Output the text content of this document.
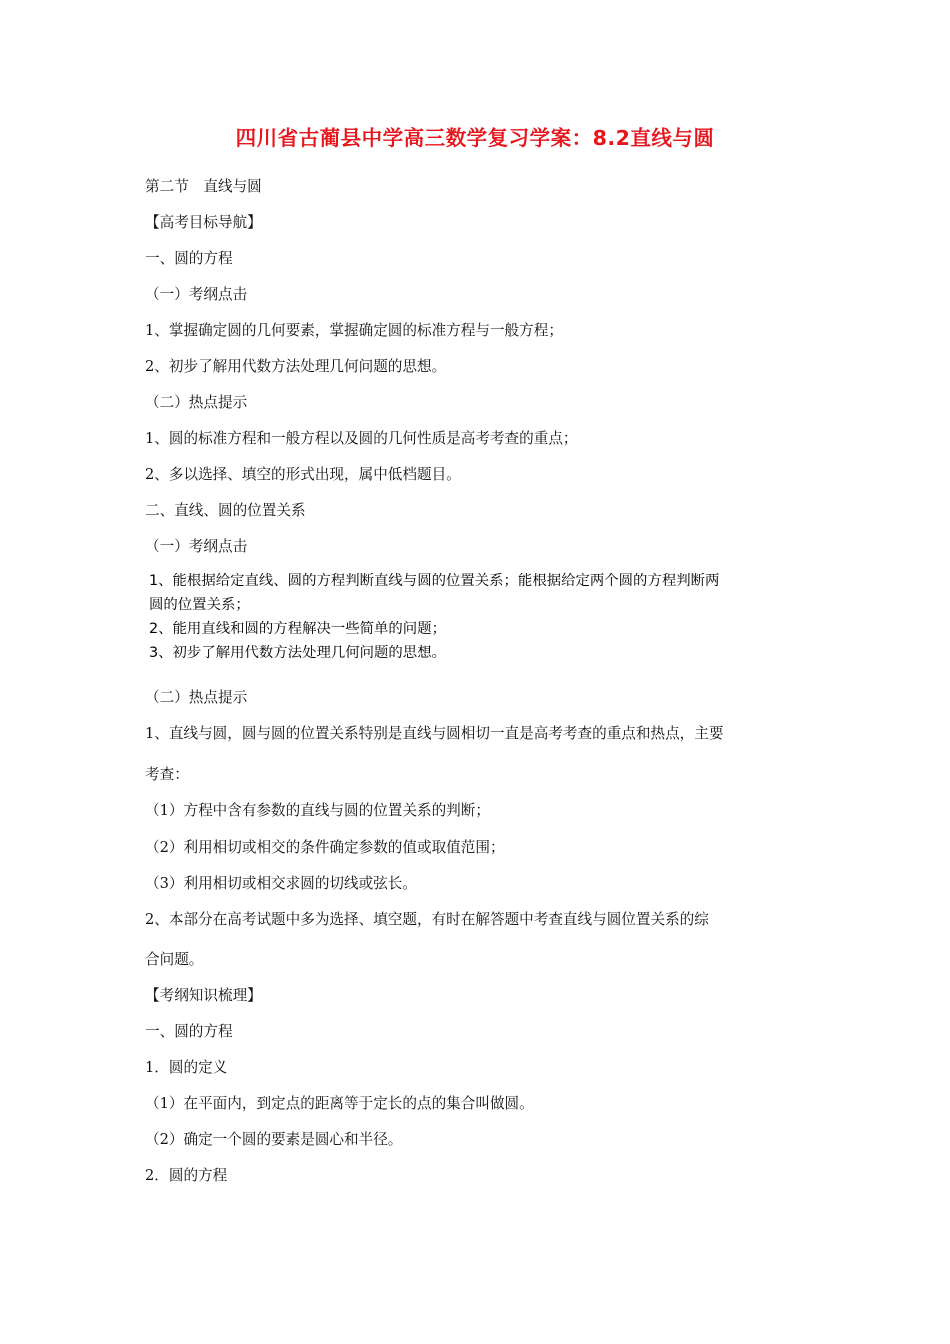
四川省古蔺县中学高三数学复习学案：8.2直线与圆
第二节　直线与圆
【高考目标导航】
一、圆的方程
（一）考纲点击
1、掌握确定圆的几何要素，掌握确定圆的标准方程与一般方程；
2、初步了解用代数方法处理几何问题的思想。
（二）热点提示
1、圆的标准方程和一般方程以及圆的几何性质是高考考查的重点；
2、多以选择、填空的形式出现，属中低档题目。
二、直线、圆的位置关系
（一）考纲点击
1、能根据给定直线、圆的方程判断直线与圆的位置关系；能根据给定两个圆的方程判断两
圆的位置关系；
2、能用直线和圆的方程解决一些简单的问题；
3、初步了解用代数方法处理几何问题的思想。
（二）热点提示
1、直线与圆，圆与圆的位置关系特别是直线与圆相切一直是高考考查的重点和热点，主要
考查：
（1）方程中含有参数的直线与圆的位置关系的判断；
（2）利用相切或相交的条件确定参数的值或取值范围；
（3）利用相切或相交求圆的切线或弦长。
2、本部分在高考试题中多为选择、填空题，有时在解答题中考查直线与圆位置关系的综
合问题。
【考纲知识梳理】
一、圆的方程
1．圆的定义
（1）在平面内，到定点的距离等于定长的点的集合叫做圆。
（2）确定一个圆的要素是圆心和半径。
2．圆的方程
